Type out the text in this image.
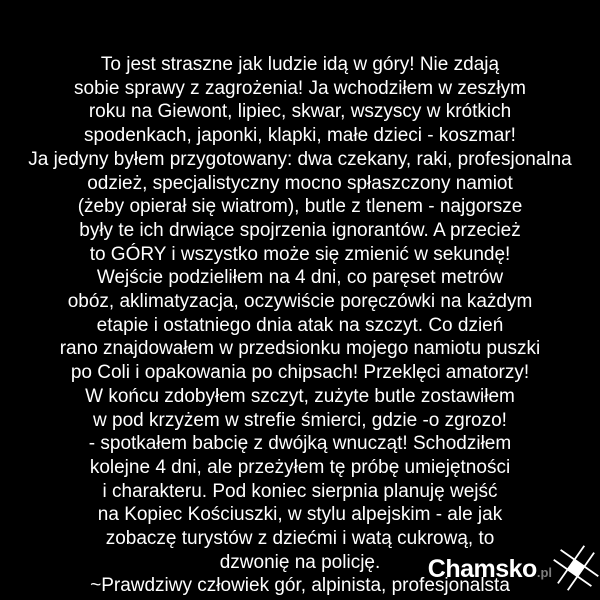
To jest straszne jak ludzie idą w góry! Nie zdają
sobie sprawy z zagrożenia! Ja wchodziłem w zeszłym
roku na Giewont, lipiec, skwar, wszyscy w krótkich
spodenkach, japonki, klapki, małe dzieci - koszmar!
Ja jedyny byłem przygotowany: dwa czekany, raki, profesjonalna
odzież, specjalistyczny mocno spłaszczony namiot
(żeby opierał się wiatrom), butle z tlenem - najgorsze
były te ich drwiące spojrzenia ignorantów. A przecież
to GÓRY i wszystko może się zmienić w sekundę!
Wejście podzieliłem na 4 dni, co paręset metrów
obóz, aklimatyzacja, oczywiście poręczówki na każdym
etapie i ostatniego dnia atak na szczyt. Co dzień
rano znajdowałem w przedsionku mojego namiotu puszki
po Coli i opakowania po chipsach! Przeklęci amatorzy!
W końcu zdobyłem szczyt, zużyte butle zostawiłem
w pod krzyżem w strefie śmierci, gdzie -o zgrozo!
- spotkałem babcię z dwójką wnucząt! Schodziłem
kolejne 4 dni, ale przeżyłem tę próbę umiejętności
i charakteru. Pod koniec sierpnia planuję wejść
na Kopiec Kościuszki, w stylu alpejskim - ale jak
zobaczę turystów z dziećmi i watą cukrową, to
dzwonię na policję.
~Prawdziwy człowiek gór, alpinista, profesjonalsta
Chamsko.pl
